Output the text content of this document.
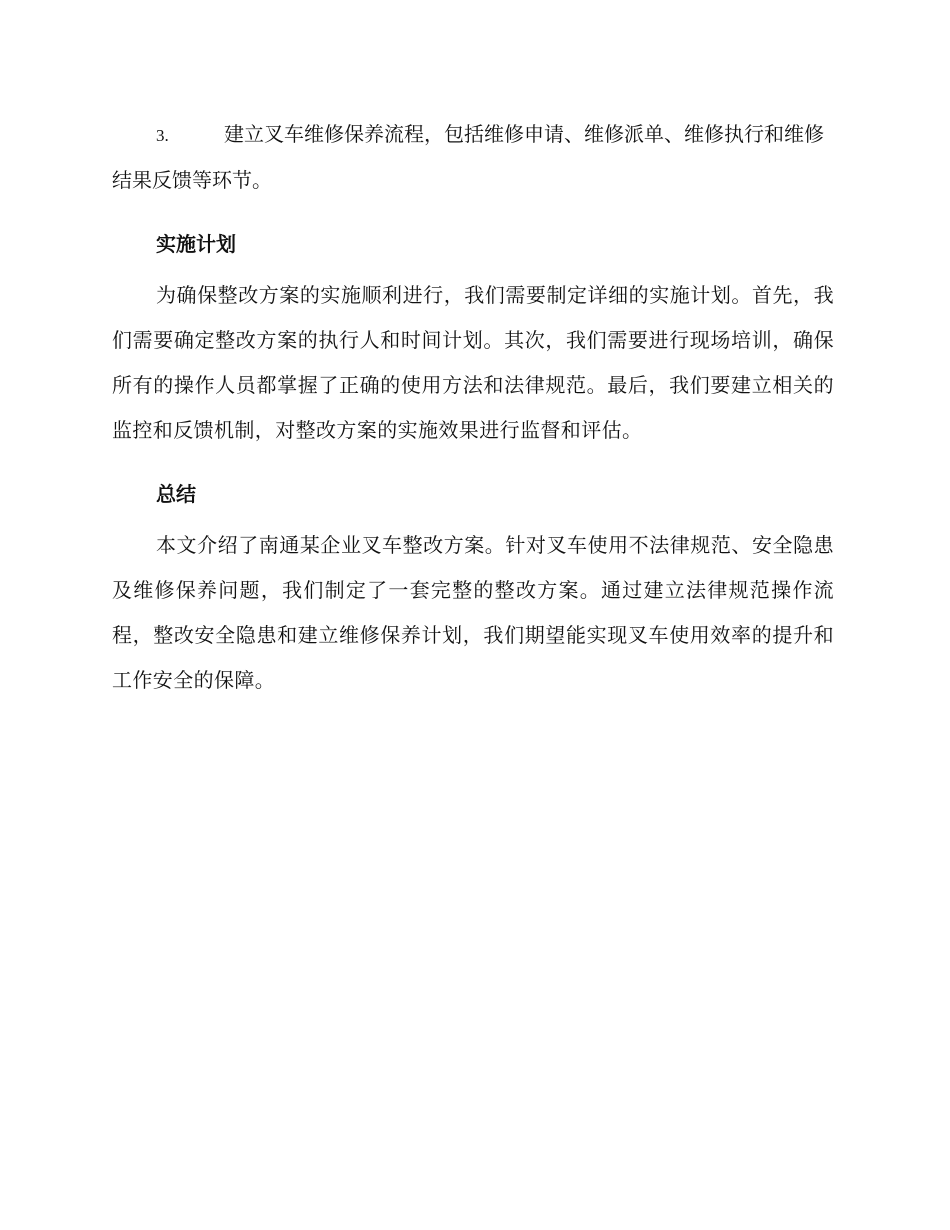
3.	建立叉车维修保养流程，包括维修申请、维修派单、维修执行和维修结果反馈等环节。

实施计划

为确保整改方案的实施顺利进行，我们需要制定详细的实施计划。首先，我们需要确定整改方案的执行人和时间计划。其次，我们需要进行现场培训，确保所有的操作人员都掌握了正确的使用方法和法律规范。最后，我们要建立相关的监控和反馈机制，对整改方案的实施效果进行监督和评估。

总结

本文介绍了南通某企业叉车整改方案。针对叉车使用不法律规范、安全隐患及维修保养问题，我们制定了一套完整的整改方案。通过建立法律规范操作流程，整改安全隐患和建立维修保养计划，我们期望能实现叉车使用效率的提升和工作安全的保障。
